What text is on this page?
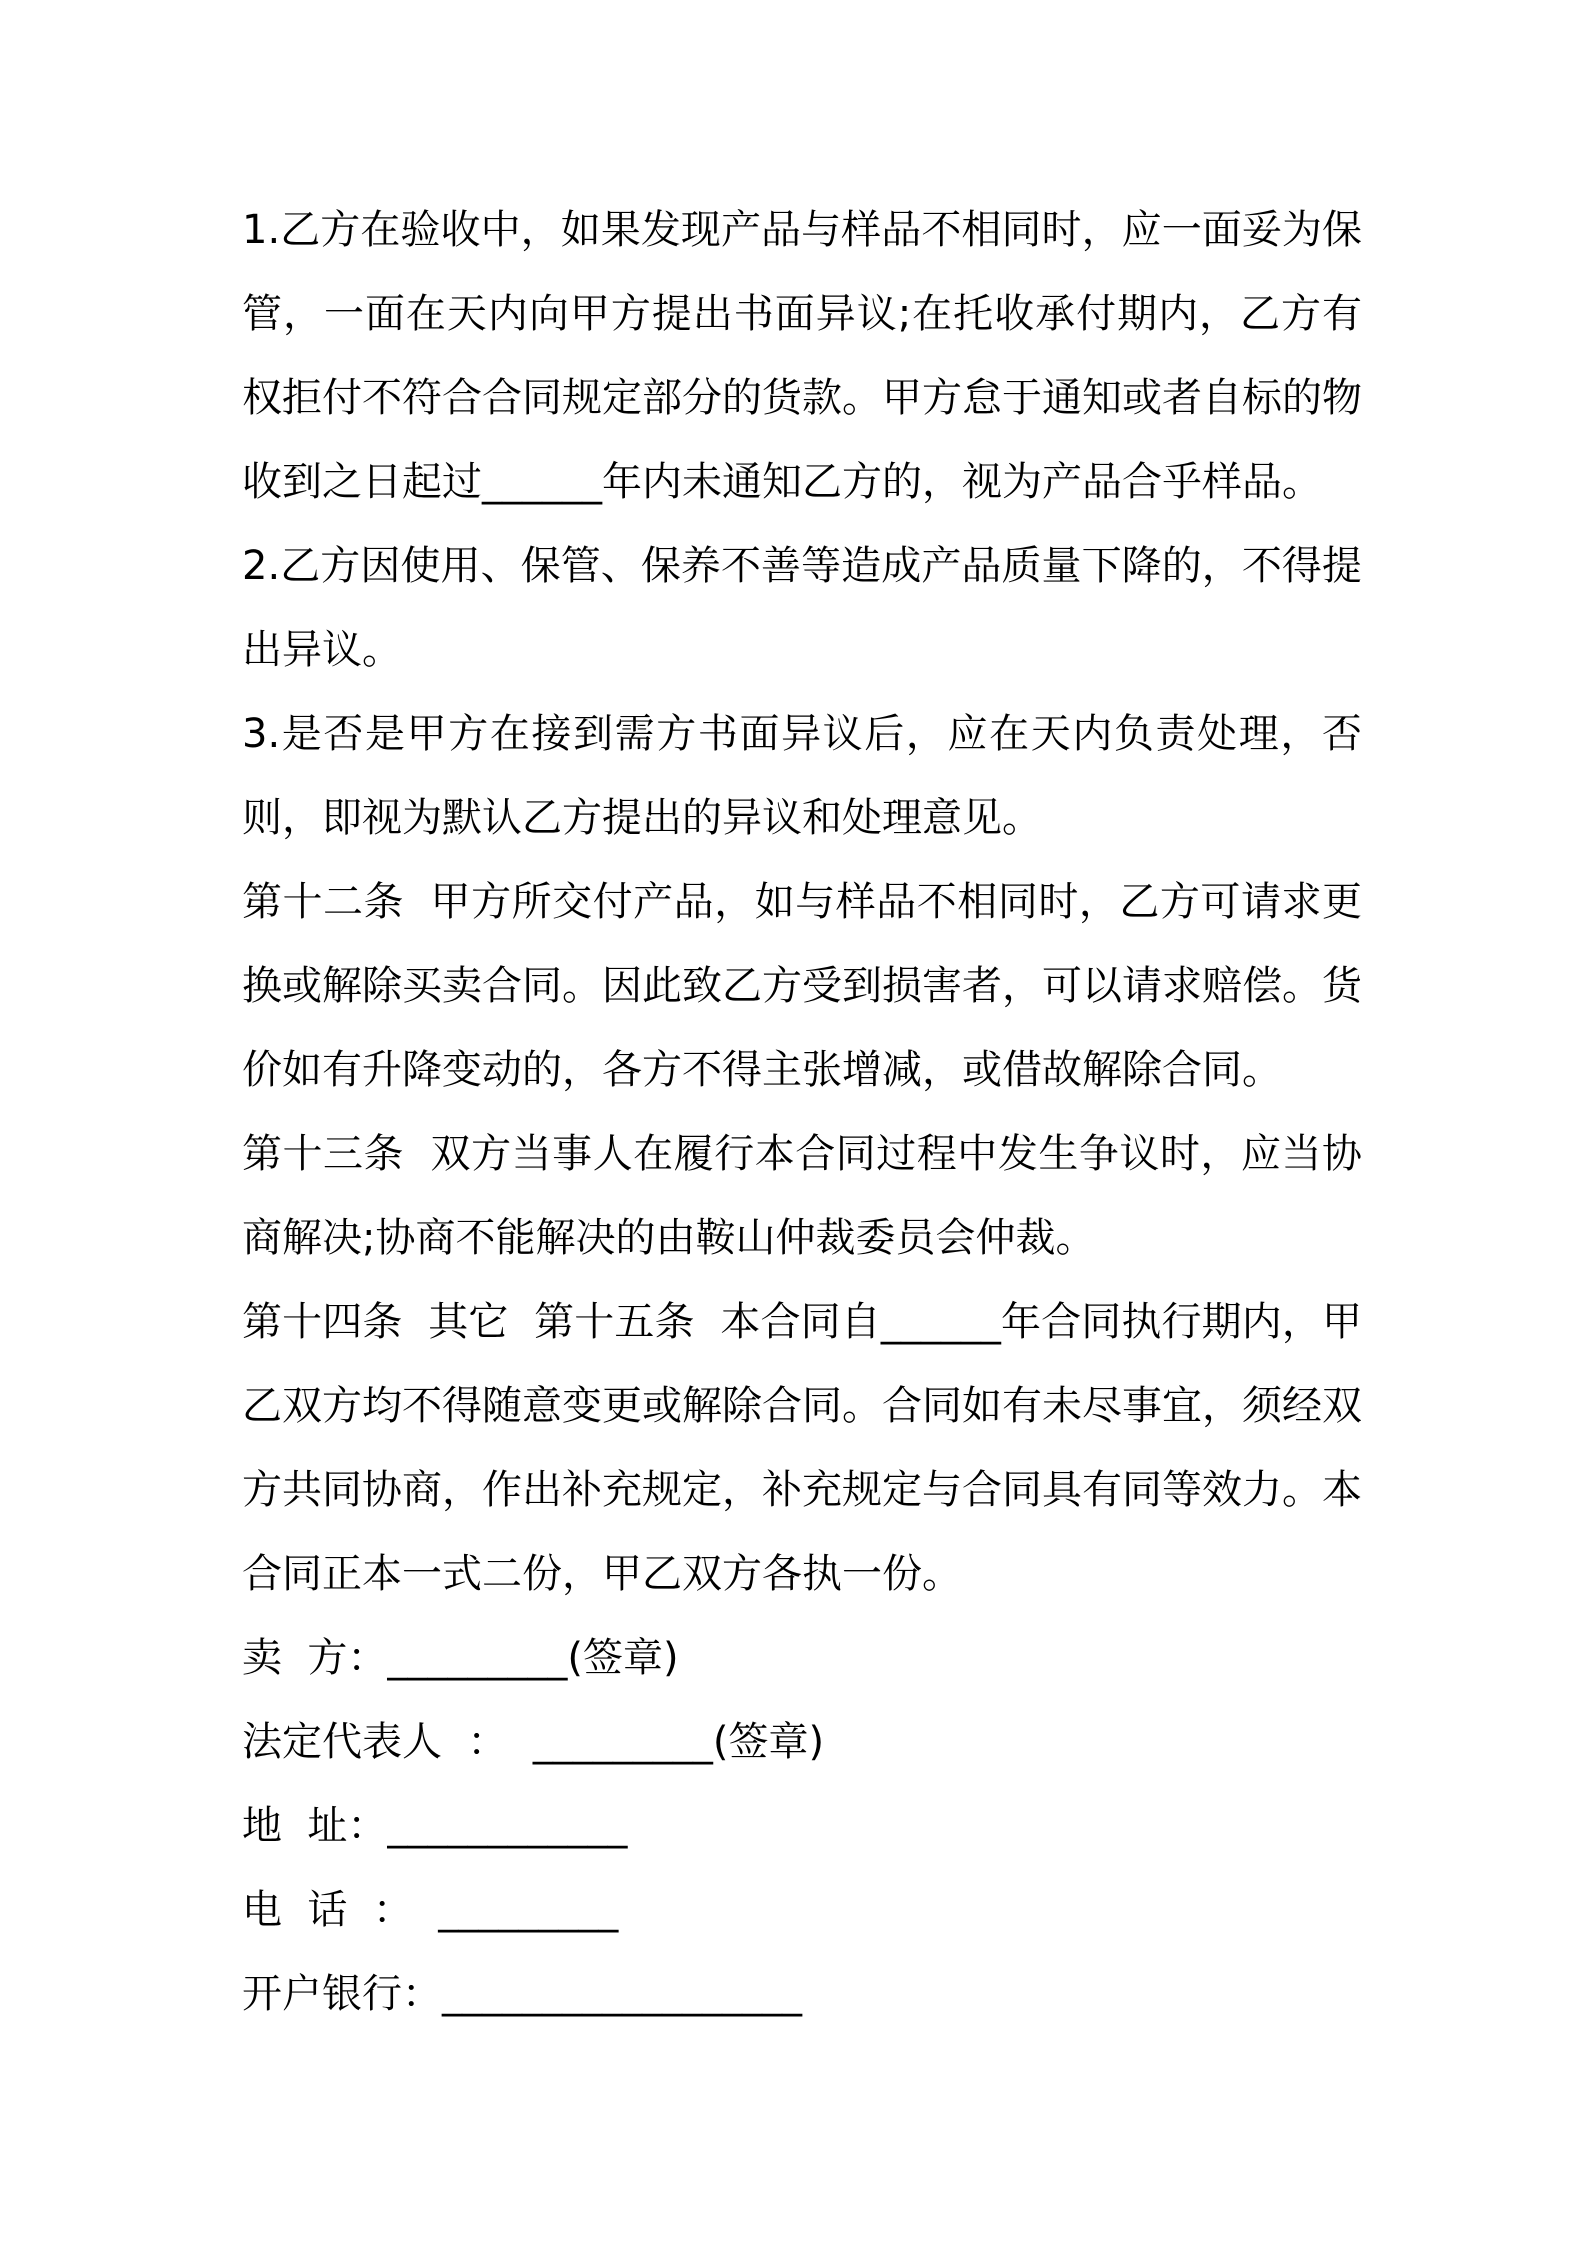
1.乙方在验收中，如果发现产品与样品不相同时，应一面妥为保管，一面在天内向甲方提出书面异议;在托收承付期内，乙方有权拒付不符合合同规定部分的货款。甲方怠于通知或者自标的物收到之日起过______年内未通知乙方的，视为产品合乎样品。

2.乙方因使用、保管、保养不善等造成产品质量下降的，不得提出异议。

3.是否是甲方在接到需方书面异议后，应在天内负责处理，否则，即视为默认乙方提出的异议和处理意见。

第十二条  甲方所交付产品，如与样品不相同时，乙方可请求更换或解除买卖合同。因此致乙方受到损害者，可以请求赔偿。货价如有升降变动的，各方不得主张增减，或借故解除合同。

第十三条  双方当事人在履行本合同过程中发生争议时，应当协商解决;协商不能解决的由鞍山仲裁委员会仲裁。

第十四条  其它  第十五条  本合同自______年合同执行期内，甲乙双方均不得随意变更或解除合同。合同如有未尽事宜，须经双方共同协商，作出补充规定，补充规定与合同具有同等效力。本合同正本一式二份，甲乙双方各执一份。

卖  方：_________(签章)

法定代表人  ：  _________(签章)

地  址：____________

电  话  ：  _________

开户银行：__________________
